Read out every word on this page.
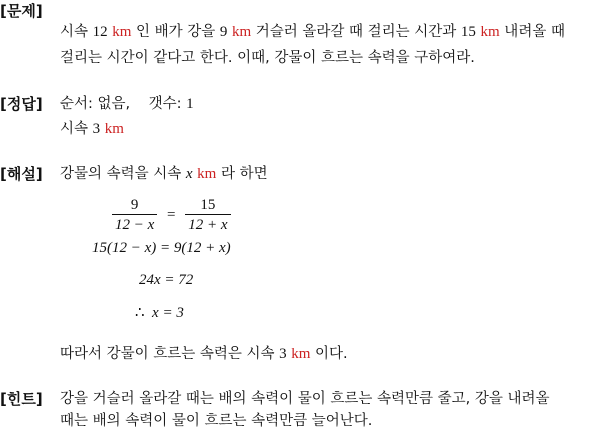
[문제]
시속 12 km 인 배가 강을 9 km 거슬러 올라갈 때 걸리는 시간과 15 km 내려올 때
걸리는 시간이 같다고 한다. 이때, 강물이 흐르는 속력을 구하여라.
[정답] 순서: 없음, 갯수: 1
시속 3 km
[해설] 강물의 속력을 시속 x km 라 하면
$\frac{9}{12 - x} = \frac{15}{12 + x}$
15(12 − x) = 9(12 + x)
24x = 72
∴ x = 3
따라서 강물이 흐르는 속력은 시속 3 km 이다.
[힌트] 강을 거슬러 올라갈 때는 배의 속력이 물이 흐르는 속력만큼 줄고, 강을 내려올
때는 배의 속력이 물이 흐르는 속력만큼 늘어난다.
